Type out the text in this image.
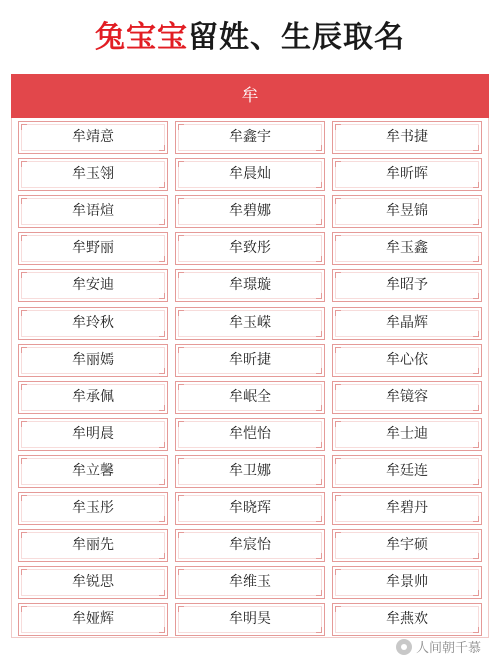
兔宝宝留姓、生辰取名
牟
牟靖意	牟鑫宇	牟书捷
牟玉翎	牟晨灿	牟昕晖
牟语煊	牟碧娜	牟昱锦
牟野丽	牟致彤	牟玉鑫
牟安迪	牟璟璇	牟昭予
牟玲秋	牟玉嵘	牟晶辉
牟丽嫣	牟昕捷	牟心依
牟承佩	牟岷全	牟镜容
牟明晨	牟恺怡	牟士迪
牟立馨	牟卫娜	牟廷连
牟玉彤	牟晓珲	牟碧丹
牟丽先	牟宸怡	牟宇硕
牟锐思	牟维玉	牟景帅
牟娅辉	牟明昊	牟燕欢
人间朝千慕
